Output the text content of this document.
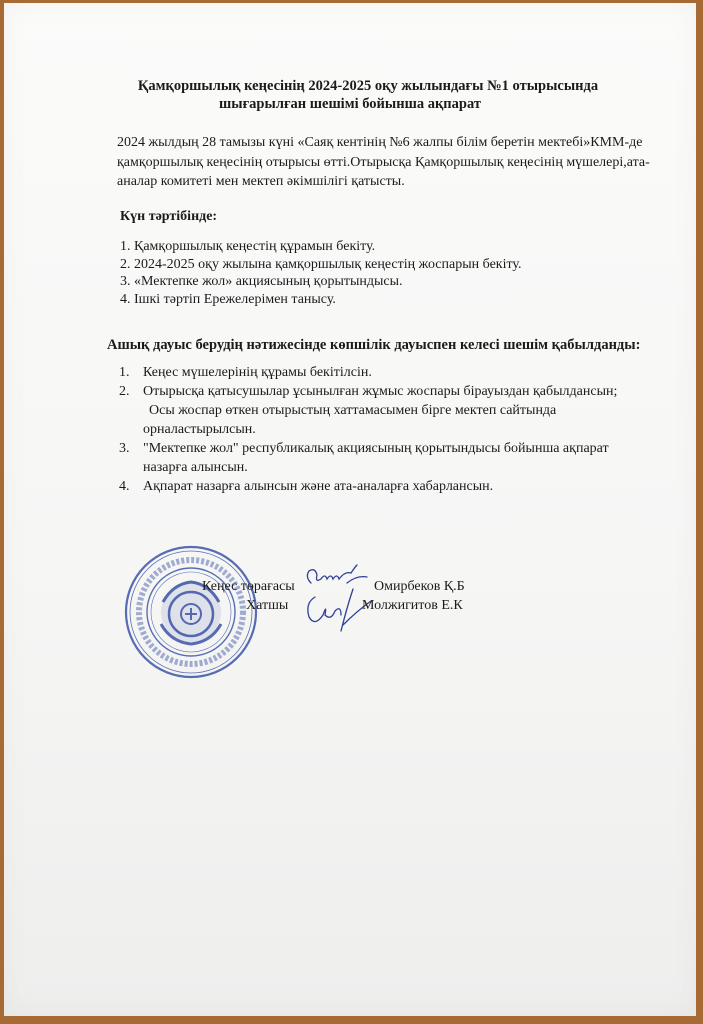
Қамқоршылық кеңесінің 2024-2025 оқу жылындағы №1 отырысында
шығарылған шешімі бойынша ақпарат
2024 жылдың 28 тамызы күні «Саяқ кентінің №6 жалпы білім беретін мектебі»КММ-де
қамқоршылық кеңесінің отырысы өтті.Отырысқа Қамқоршылық кеңесінің мүшелері,ата-
аналар комитеті мен мектеп әкімшілігі қатысты.
Күн тәртібінде:
1. Қамқоршылық кеңестің құрамын бекіту.
2. 2024-2025 оқу жылына қамқоршылық кеңестің жоспарын бекіту.
3. «Мектепке жол» акциясының қорытындысы.
4. Ішкі тәртіп Ережелерімен танысу.
Ашық дауыс берудің нәтижесінде көпшілік дауыспен келесі шешім қабылданды:
1. Кеңес мүшелерінің құрамы бекітілсін.
2. Отырысқа қатысушылар ұсынылған жұмыс жоспары бірауыздан қабылдансын;
Осы жоспар өткен отырыстың хаттамасымен бірге мектеп сайтында
орналастырылсын.
3. "Мектепке жол" республикалық акциясының қорытындысы бойынша ақпарат
назарға алынсын.
4. Ақпарат назарға алынсын және ата-аналарға хабарлансын.
Кеңес төрағасы	Омирбеков Қ.Б
Хатшы	Молжигитов Е.К
